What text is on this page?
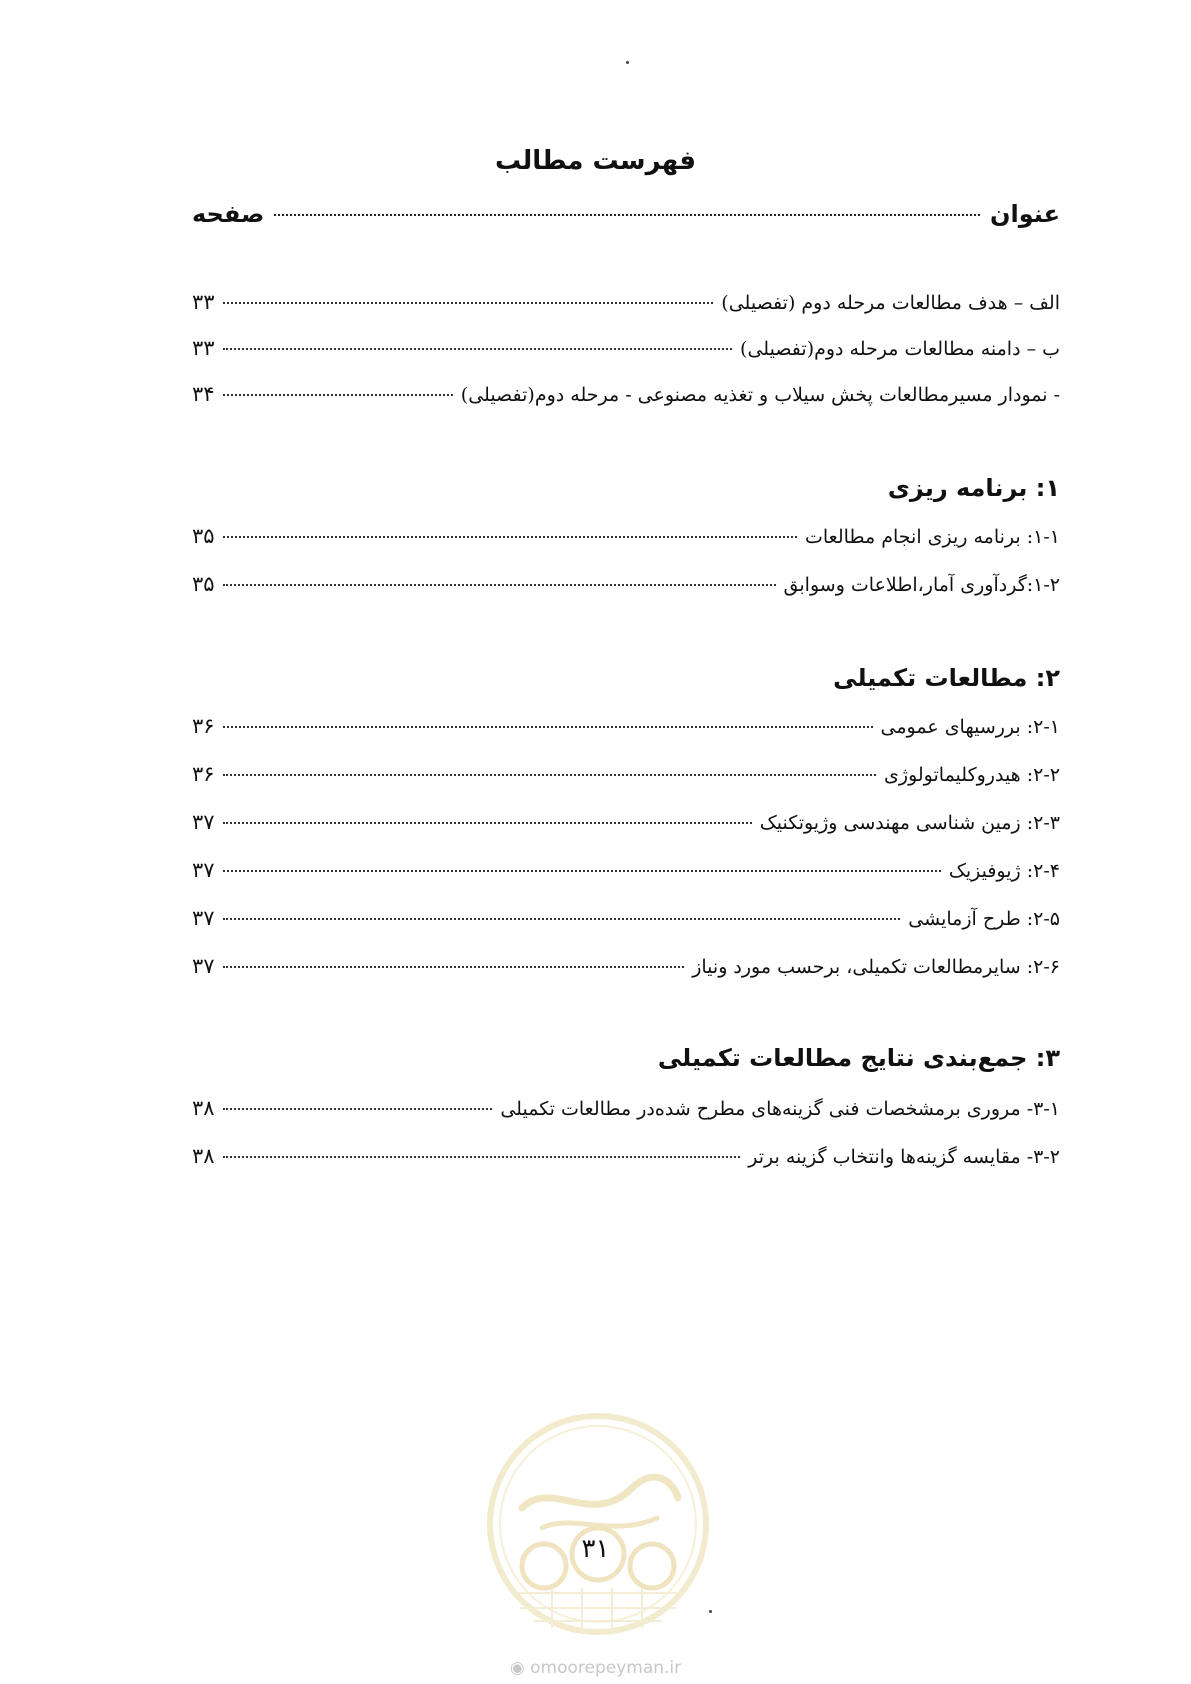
فهرست مطالب
عنوان
صفحه
الف – هدف مطالعات مرحله دوم (تفصیلی)
۳۳
ب – دامنه مطالعات مرحله دوم(تفصیلی)
۳۳
- نمودار مسیرمطالعات پخش سیلاب و تغذیه مصنوعی - مرحله دوم(تفصیلی)
۳۴
۱: برنامه ریزی
۱-۱: برنامه ریزی انجام مطالعات
۳۵
۱-۲:گردآوری آمار،اطلاعات وسوابق
۳۵
۲: مطالعات تکمیلی
۲-۱: بررسیهای عمومی
۳۶
۲-۲: هیدروکلیماتولوژی
۳۶
۲-۳: زمین شناسی مهندسی وژیوتکنیک
۳۷
۲-۴: ژیوفیزیک
۳۷
۲-۵: طرح آزمایشی
۳۷
۲-۶: سایرمطالعات تکمیلی، برحسب مورد ونیاز
۳۷
۳: جمع‌بندی نتایج مطالعات تکمیلی
۳-۱- مروری برمشخصات فنی گزینه‌های مطرح شده‌در مطالعات تکمیلی
۳۸
۳-۲- مقایسه گزینه‌ها وانتخاب گزینه برتر
۳۸
۳۱
◉ omoorepeyman.ir
